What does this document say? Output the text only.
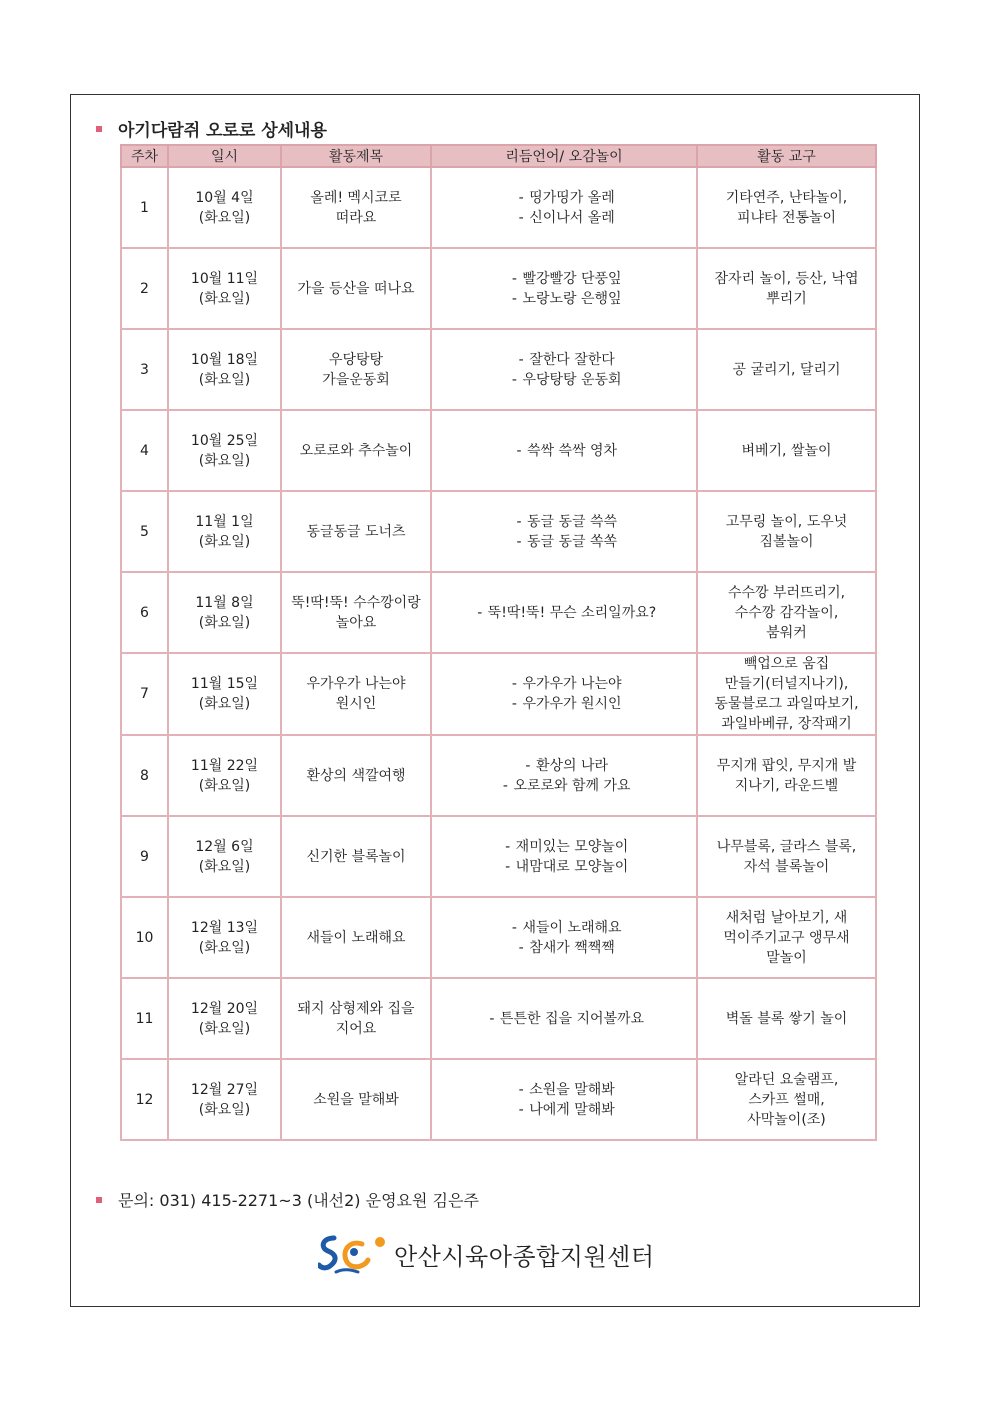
아기다람쥐 오로로 상세내용
주차	일시	활동제목	리듬언어/ 오감놀이	활동 교구
1	10월 4일
(화요일)	올레! 멕시코로
떠라요	- 띵가띵가 올레
- 신이나서 올레	기타연주, 난타놀이,
피냐타 전통놀이

2	10월 11일
(화요일)	가을 등산을 떠나요	- 빨강빨강 단풍잎
- 노랑노랑 은행잎	잠자리 놀이, 등산, 낙엽
뿌리기

3	10월 18일
(화요일)	우당탕탕
가을운동회	- 잘한다 잘한다
- 우당탕탕 운동회	공 굴리기, 달리기

4	10월 25일
(화요일)	오로로와 추수놀이	- 쓱싹 쓱싹 영차	벼베기, 쌀놀이

5	11월 1일
(화요일)	동글동글 도너츠	- 동글 동글 쓱쓱
- 동글 동글 쏙쏙	고무링 놀이, 도우넛
짐볼놀이

6	11월 8일
(화요일)	뚝!딱!뚝! 수수깡이랑
놀아요	- 뚝!딱!뚝! 무슨 소리일까요?	수수깡 부러뜨리기,
수수깡 감각놀이,
붐워커

7	11월 15일
(화요일)	우가우가 나는야
원시인	- 우가우가 나는야
- 우가우가 원시인	빽업으로 움집
만들기(터널지나기),
동물블로그 과일따보기,
과일바베큐, 장작패기

8	11월 22일
(화요일)	환상의 색깔여행	- 환상의 나라
- 오로로와 함께 가요	무지개 팝잇, 무지개 발
지나기, 라운드벨

9	12월 6일
(화요일)	신기한 블록놀이	- 재미있는 모양놀이
- 내맘대로 모양놀이	나무블록, 글라스 블록,
자석 블록놀이

10	12월 13일
(화요일)	새들이 노래해요	- 새들이 노래해요
- 참새가 짹짹짹	새처럼 날아보기, 새
먹이주기교구 앵무새
말놀이

11	12월 20일
(화요일)	돼지 삼형제와 집을
지어요	- 튼튼한 집을 지어볼까요	벽돌 블록 쌓기 놀이

12	12월 27일
(화요일)	소원을 말해봐	- 소원을 말해봐
- 나에게 말해봐	알라딘 요술램프,
스카프 썰매,
사막놀이(조)
문의: 031) 415-2271~3 (내선2) 운영요원 김은주
안산시육아종합지원센터
